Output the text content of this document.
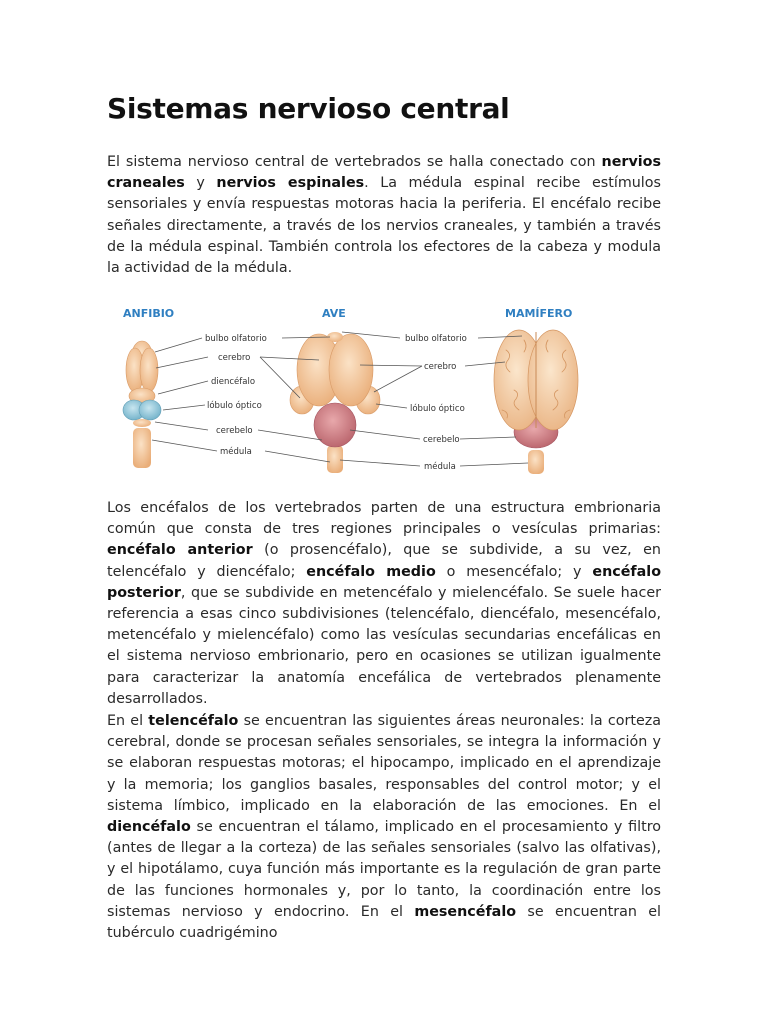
Sistemas nervioso central

El sistema nervioso central de vertebrados se halla conectado con nervios craneales y nervios espinales. La médula espinal recibe estímulos sensoriales y envía respuestas motoras hacia la periferia. El encéfalo recibe señales directamente, a través de los nervios craneales, y también a través de la médula espinal. También controla los efectores de la cabeza y modula la actividad de la médula.

ANFIBIO	AVE	MAMÍFERO
bulbo olfatorio
cerebro
diencéfalo
lóbulo óptico
cerebelo
médula
bulbo olfatorio
cerebro
lóbulo óptico
cerebelo
médula

Los encéfalos de los vertebrados parten de una estructura embrionaria común que consta de tres regiones principales o vesículas primarias: encéfalo anterior (o prosencéfalo), que se subdivide, a su vez, en telencéfalo y diencéfalo; encéfalo medio o mesencéfalo; y encéfalo posterior, que se subdivide en metencéfalo y mielencéfalo. Se suele hacer referencia a esas cinco subdivisiones (telencéfalo, diencéfalo, mesencéfalo, metencéfalo y mielencéfalo) como las vesículas secundarias encefálicas en el sistema nervioso embrionario, pero en ocasiones se utilizan igualmente para caracterizar la anatomía encefálica de vertebrados plenamente desarrollados.

En el telencéfalo se encuentran las siguientes áreas neuronales: la corteza cerebral, donde se procesan señales sensoriales, se integra la información y se elaboran respuestas motoras; el hipocampo, implicado en el aprendizaje y la memoria; los ganglios basales, responsables del control motor; y el sistema límbico, implicado en la elaboración de las emociones. En el diencéfalo se encuentran el tálamo, implicado en el procesamiento y filtro (antes de llegar a la corteza) de las señales sensoriales (salvo las olfativas), y el hipotálamo, cuya función más importante es la regulación de gran parte de las funciones hormonales y, por lo tanto, la coordinación entre los sistemas nervioso y endocrino. En el mesencéfalo se encuentran el tubérculo cuadrigémino
